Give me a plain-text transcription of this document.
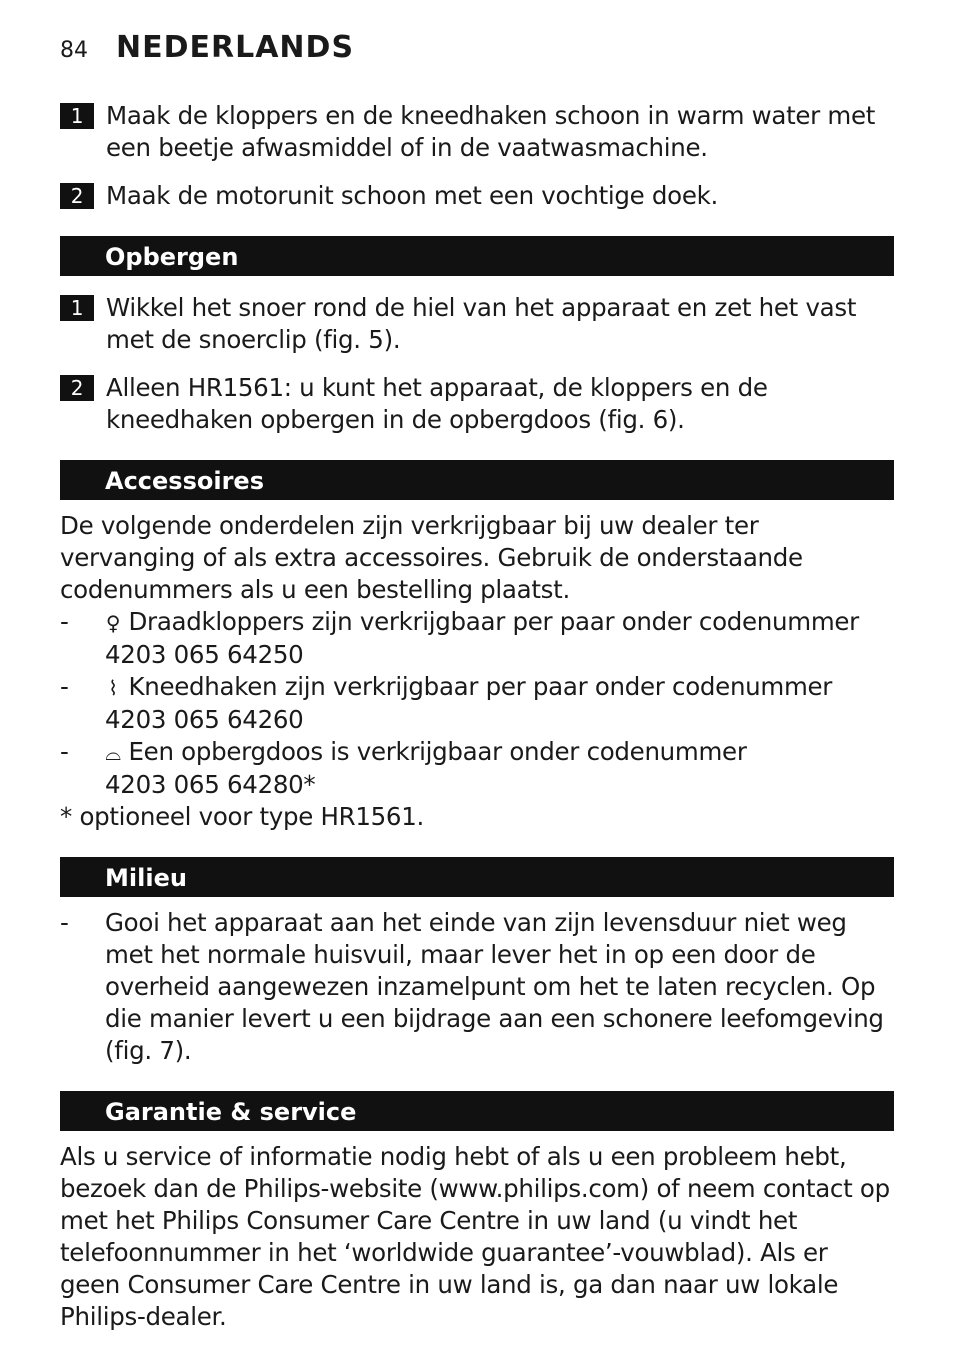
84 NEDERLANDS
1 Maak de kloppers en de kneedhaken schoon in warm water met een beetje afwasmiddel of in de vaatwasmachine.
2 Maak de motorunit schoon met een vochtige doek.
Opbergen
1 Wikkel het snoer rond de hiel van het apparaat en zet het vast met de snoerclip (fig. 5).
2 Alleen HR1561: u kunt het apparaat, de kloppers en de kneedhaken opbergen in de opbergdoos (fig. 6).
Accessoires
De volgende onderdelen zijn verkrijgbaar bij uw dealer ter vervanging of als extra accessoires. Gebruik de onderstaande codenummers als u een bestelling plaatst.
-	♀ Draadkloppers zijn verkrijgbaar per paar onder codenummer
4203 065 64250
-	⌇ Kneedhaken zijn verkrijgbaar per paar onder codenummer
4203 065 64260
-	⌓ Een opbergdoos is verkrijgbaar onder codenummer
4203 065 64280*
* optioneel voor type HR1561.
Milieu
-	Gooi het apparaat aan het einde van zijn levensduur niet weg met het normale huisvuil, maar lever het in op een door de overheid aangewezen inzamelpunt om het te laten recyclen. Op die manier levert u een bijdrage aan een schonere leefomgeving (fig. 7).
Garantie & service
Als u service of informatie nodig hebt of als u een probleem hebt, bezoek dan de Philips-website (www.philips.com) of neem contact op met het Philips Consumer Care Centre in uw land (u vindt het telefoonnummer in het ‘worldwide guarantee’-vouwblad). Als er geen Consumer Care Centre in uw land is, ga dan naar uw lokale Philips-dealer.
